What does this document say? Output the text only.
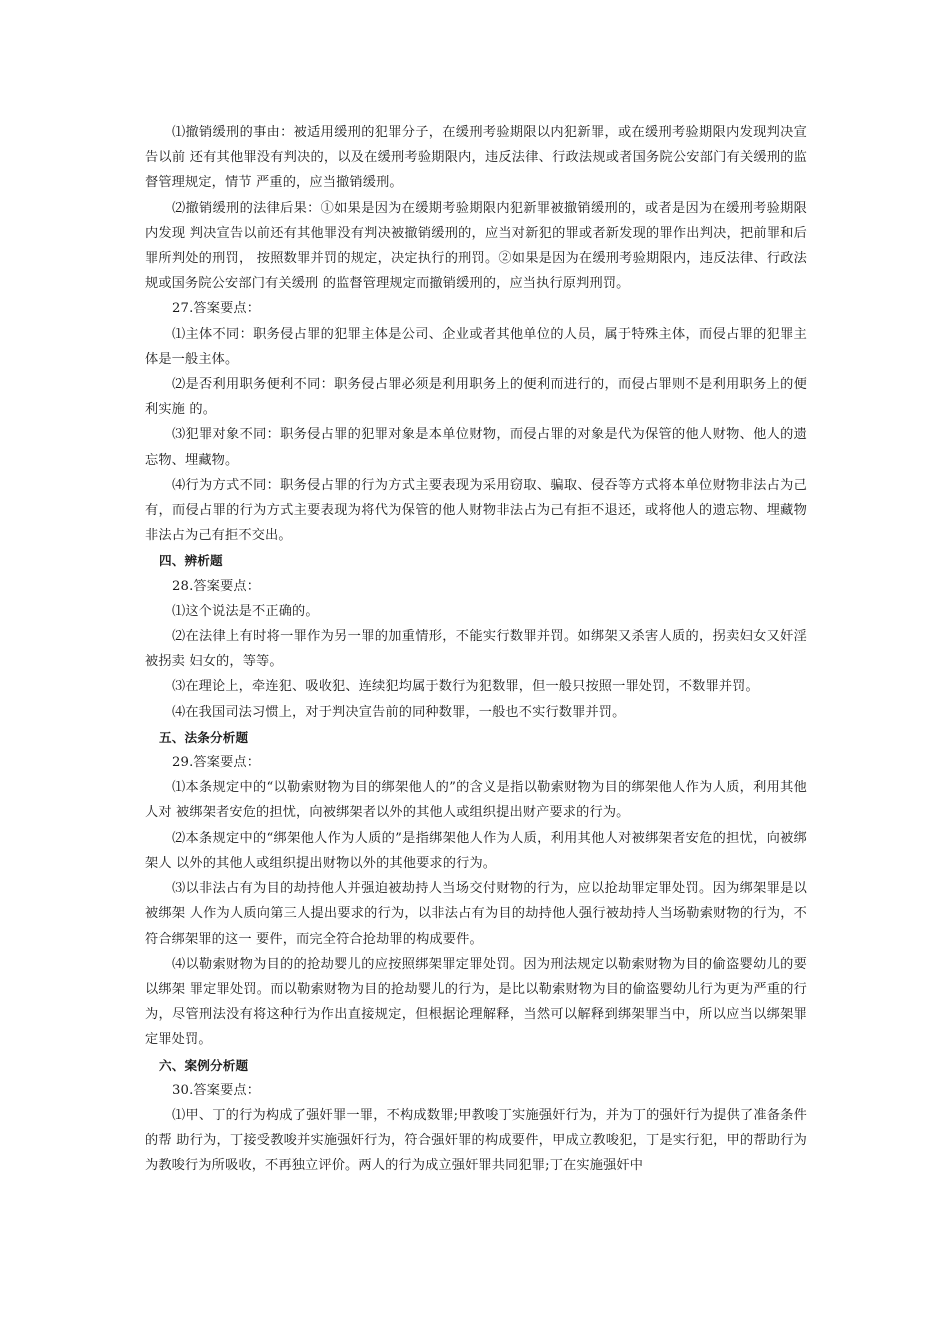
⑴撤销缓刑的事由：被适用缓刑的犯罪分子，在缓刑考验期限以内犯新罪，或在缓刑考验期限内发现判决宣告以前 还有其他罪没有判决的，以及在缓刑考验期限内，违反法律、行政法规或者国务院公安部门有关缓刑的监督管理规定，情节 严重的，应当撤销缓刑。

⑵撤销缓刑的法律后果：①如果是因为在缓期考验期限内犯新罪被撤销缓刑的，或者是因为在缓刑考验期限内发现 判决宣告以前还有其他罪没有判决被撤销缓刑的，应当对新犯的罪或者新发现的罪作出判决，把前罪和后罪所判处的刑罚， 按照数罪并罚的规定，决定执行的刑罚。②如果是因为在缓刑考验期限内，违反法律、行政法规或国务院公安部门有关缓刑 的监督管理规定而撤销缓刑的，应当执行原判刑罚。

27.答案要点：

⑴主体不同：职务侵占罪的犯罪主体是公司、企业或者其他单位的人员，属于特殊主体，而侵占罪的犯罪主体是一般主体。

⑵是否利用职务便利不同：职务侵占罪必须是利用职务上的便利而进行的，而侵占罪则不是利用职务上的便利实施 的。

⑶犯罪对象不同：职务侵占罪的犯罪对象是本单位财物，而侵占罪的对象是代为保管的他人财物、他人的遗忘物、埋藏物。

⑷行为方式不同：职务侵占罪的行为方式主要表现为采用窃取、骗取、侵吞等方式将本单位财物非法占为己有，而侵占罪的行为方式主要表现为将代为保管的他人财物非法占为己有拒不退还，或将他人的遗忘物、埋藏物非法占为己有拒不交出。

四、辨析题

28.答案要点：

⑴这个说法是不正确的。

⑵在法律上有时将一罪作为另一罪的加重情形，不能实行数罪并罚。如绑架又杀害人质的，拐卖妇女又奸淫被拐卖 妇女的，等等。

⑶在理论上，牵连犯、吸收犯、连续犯均属于数行为犯数罪，但一般只按照一罪处罚，不数罪并罚。

⑷在我国司法习惯上，对于判决宣告前的同种数罪，一般也不实行数罪并罚。

五、法条分析题

29.答案要点：

⑴本条规定中的“以勒索财物为目的绑架他人的”的含义是指以勒索财物为目的绑架他人作为人质，利用其他人对 被绑架者安危的担忧，向被绑架者以外的其他人或组织提出财产要求的行为。

⑵本条规定中的“绑架他人作为人质的”是指绑架他人作为人质，利用其他人对被绑架者安危的担忧，向被绑架人 以外的其他人或组织提出财物以外的其他要求的行为。

⑶以非法占有为目的劫持他人并强迫被劫持人当场交付财物的行为，应以抢劫罪定罪处罚。因为绑架罪是以被绑架 人作为人质向第三人提出要求的行为，以非法占有为目的劫持他人强行被劫持人当场勒索财物的行为，不符合绑架罪的这一 要件，而完全符合抢劫罪的构成要件。

⑷以勒索财物为目的的抢劫婴儿的应按照绑架罪定罪处罚。因为刑法规定以勒索财物为目的偷盗婴幼儿的要以绑架 罪定罪处罚。而以勒索财物为目的抢劫婴儿的行为，是比以勒索财物为目的偷盗婴幼儿行为更为严重的行为，尽管刑法没有将这种行为作出直接规定，但根据论理解释，当然可以解释到绑架罪当中，所以应当以绑架罪定罪处罚。

六、案例分析题

30.答案要点：

⑴甲、丁的行为构成了强奸罪一罪，不构成数罪;甲教唆丁实施强奸行为，并为丁的强奸行为提供了准备条件的帮 助行为，丁接受教唆并实施强奸行为，符合强奸罪的构成要件，甲成立教唆犯，丁是实行犯，甲的帮助行为为教唆行为所吸收，不再独立评价。两人的行为成立强奸罪共同犯罪;丁在实施强奸中
